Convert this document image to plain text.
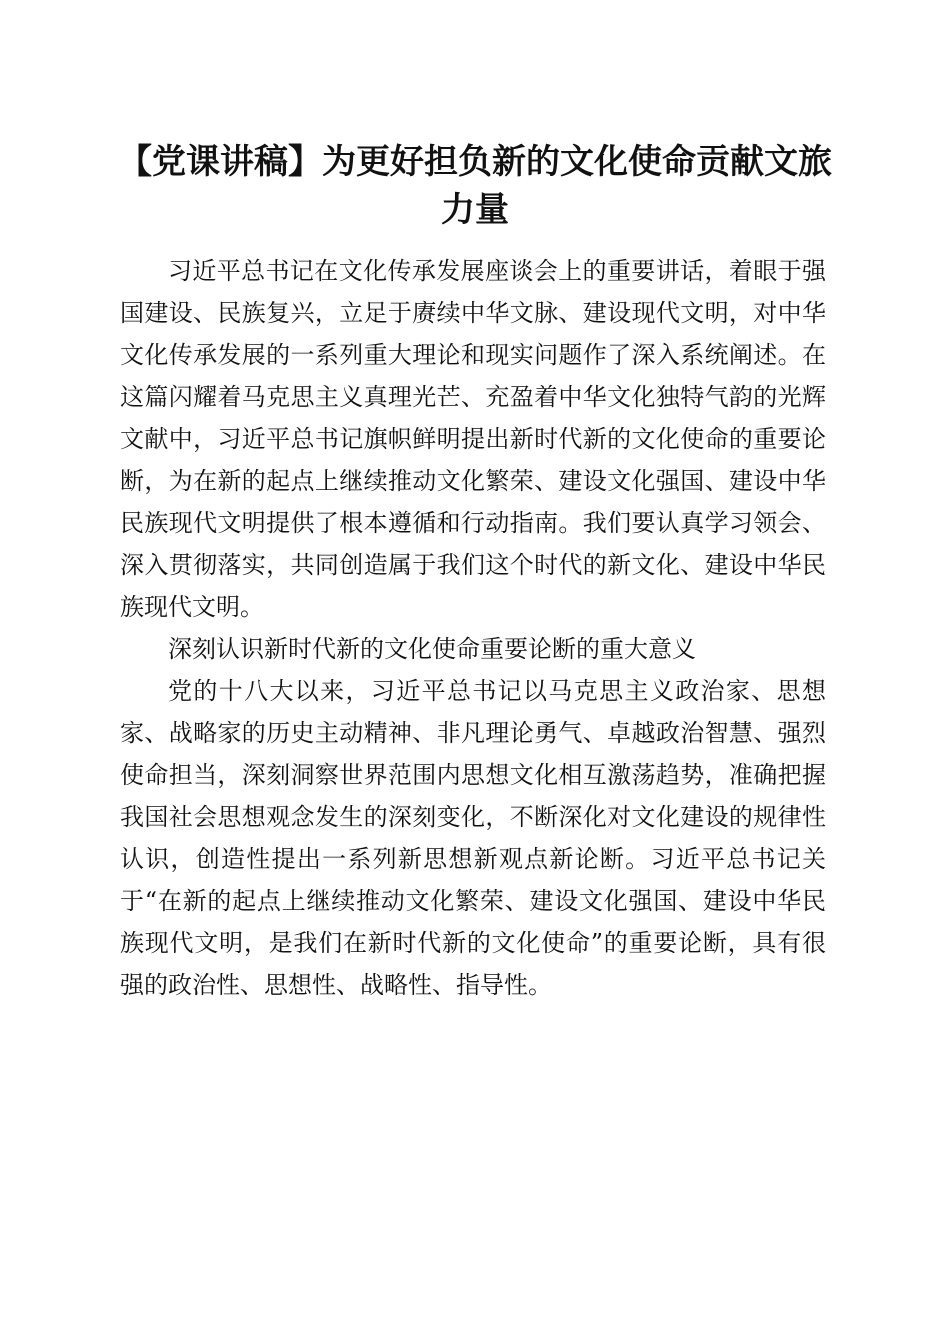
【党课讲稿】为更好担负新的文化使命贡献文旅力量

习近平总书记在文化传承发展座谈会上的重要讲话，着眼于强国建设、民族复兴，立足于赓续中华文脉、建设现代文明，对中华文化传承发展的一系列重大理论和现实问题作了深入系统阐述。在这篇闪耀着马克思主义真理光芒、充盈着中华文化独特气韵的光辉文献中，习近平总书记旗帜鲜明提出新时代新的文化使命的重要论断，为在新的起点上继续推动文化繁荣、建设文化强国、建设中华民族现代文明提供了根本遵循和行动指南。我们要认真学习领会、深入贯彻落实，共同创造属于我们这个时代的新文化、建设中华民族现代文明。

深刻认识新时代新的文化使命重要论断的重大意义

党的十八大以来，习近平总书记以马克思主义政治家、思想家、战略家的历史主动精神、非凡理论勇气、卓越政治智慧、强烈使命担当，深刻洞察世界范围内思想文化相互激荡趋势，准确把握我国社会思想观念发生的深刻变化，不断深化对文化建设的规律性认识，创造性提出一系列新思想新观点新论断。习近平总书记关于“在新的起点上继续推动文化繁荣、建设文化强国、建设中华民族现代文明，是我们在新时代新的文化使命”的重要论断，具有很强的政治性、思想性、战略性、指导性。
